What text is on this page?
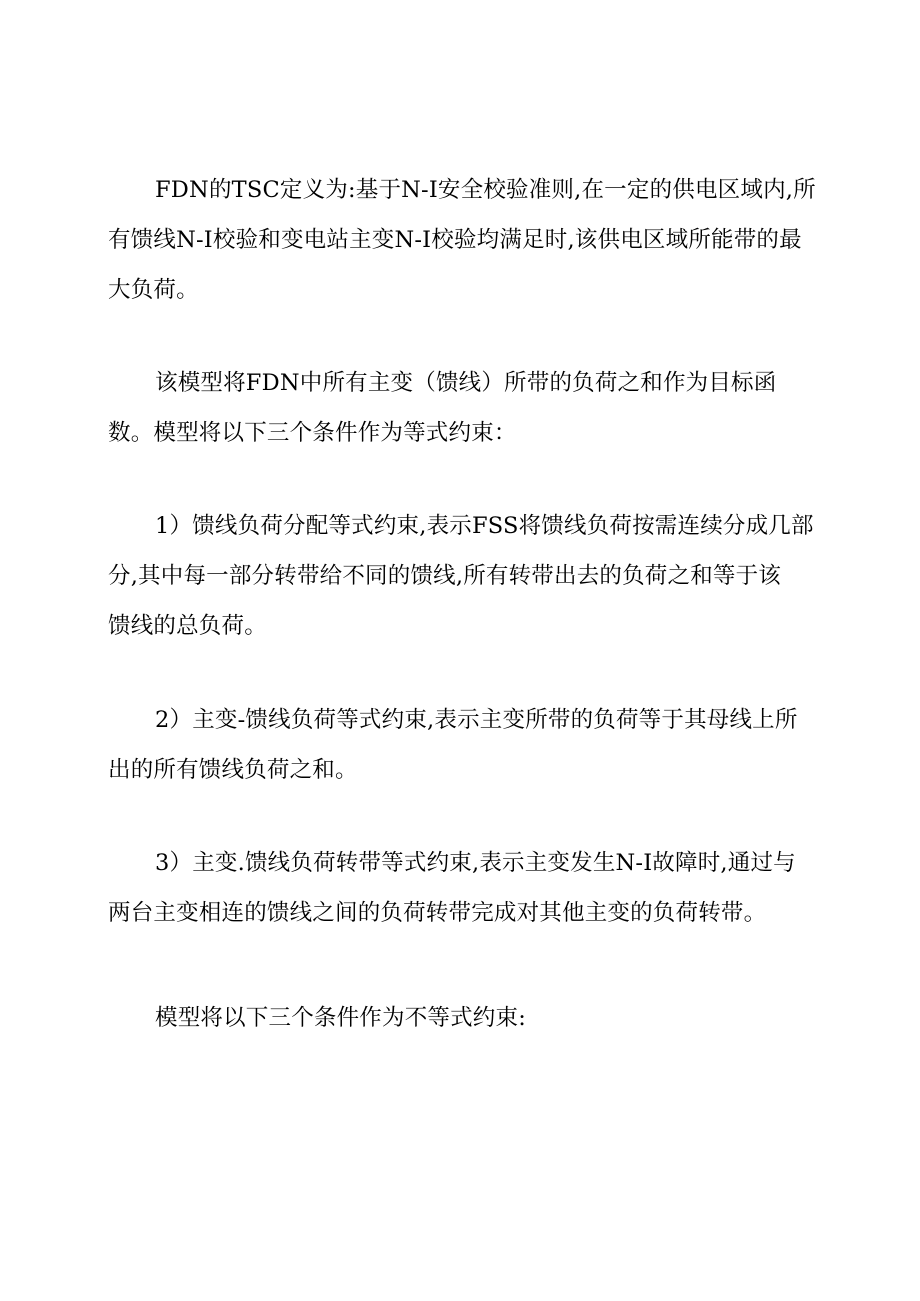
FDN的TSC定义为:基于N-I安全校验准则,在一定的供电区域内,所
有馈线N-I校验和变电站主变N-I校验均满足时,该供电区域所能带的最
大负荷。
该模型将FDN中所有主变（馈线）所带的负荷之和作为目标函
数。模型将以下三个条件作为等式约束：
1）馈线负荷分配等式约束,表示FSS将馈线负荷按需连续分成几部
分,其中每一部分转带给不同的馈线,所有转带出去的负荷之和等于该
馈线的总负荷。
2）主变-馈线负荷等式约束,表示主变所带的负荷等于其母线上所
出的所有馈线负荷之和。
3）主变.馈线负荷转带等式约束,表示主变发生N-I故障时,通过与
两台主变相连的馈线之间的负荷转带完成对其他主变的负荷转带。
模型将以下三个条件作为不等式约束:
